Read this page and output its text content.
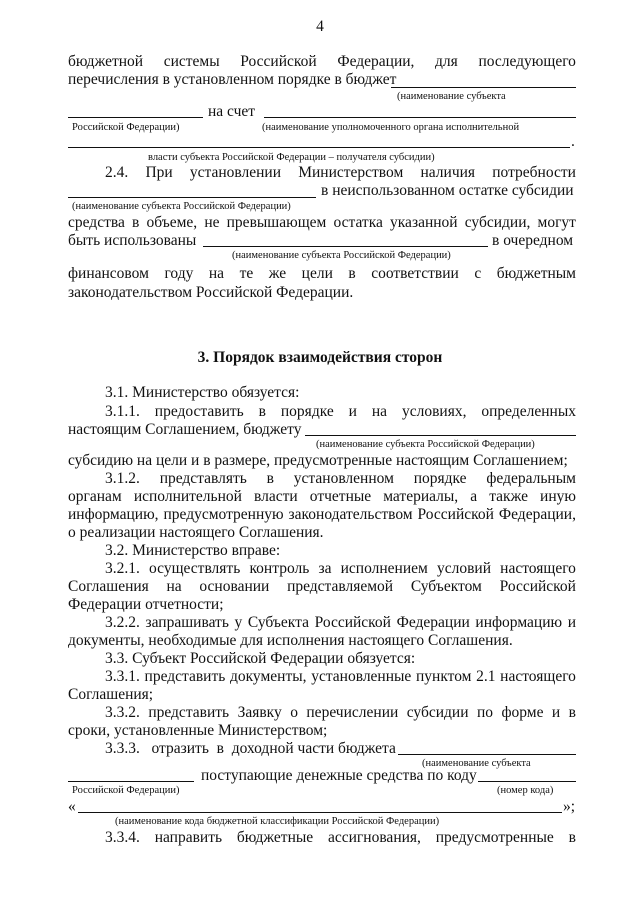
4
бюджетной системы Российской Федерации, для последующего
перечисления в установленном порядке в бюджет
(наименование субъекта
на счет
Российской Федерации)	(наименование уполномоченного органа исполнительной
.
власти субъекта Российской Федерации – получателя субсидии)
2.4. При установлении Министерством наличия потребности
в неиспользованном остатке субсидии
(наименование субъекта Российской Федерации)
средства в объеме, не превышающем остатка указанной субсидии, могут
быть использованы	в очередном
(наименование субъекта Российской Федерации)
финансовом году на те же цели в соответствии с бюджетным
законодательством Российской Федерации.
3. Порядок взаимодействия сторон
3.1. Министерство обязуется:
3.1.1. предоставить в порядке и на условиях, определенных
настоящим Соглашением, бюджету
(наименование субъекта Российской Федерации)
субсидию на цели и в размере, предусмотренные настоящим Соглашением;
3.1.2. представлять в установленном порядке федеральным
органам исполнительной власти отчетные материалы, а также иную
информацию, предусмотренную законодательством Российской Федерации,
о реализации настоящего Соглашения.
3.2. Министерство вправе:
3.2.1. осуществлять контроль за исполнением условий настоящего
Соглашения на основании представляемой Субъектом Российской
Федерации отчетности;
3.2.2. запрашивать у Субъекта Российской Федерации информацию и
документы, необходимые для исполнения настоящего Соглашения.
3.3. Субъект Российской Федерации обязуется:
3.3.1. представить документы, установленные пунктом 2.1 настоящего
Соглашения;
3.3.2. представить Заявку о перечислении субсидии по форме и в
сроки, установленные Министерством;
3.3.3.   отразить  в  доходной части бюджета
(наименование субъекта
поступающие денежные средства по коду
Российской Федерации)	(номер кода)
«	»;
(наименование кода бюджетной классификации Российской Федерации)
3.3.4. направить бюджетные ассигнования, предусмотренные в
